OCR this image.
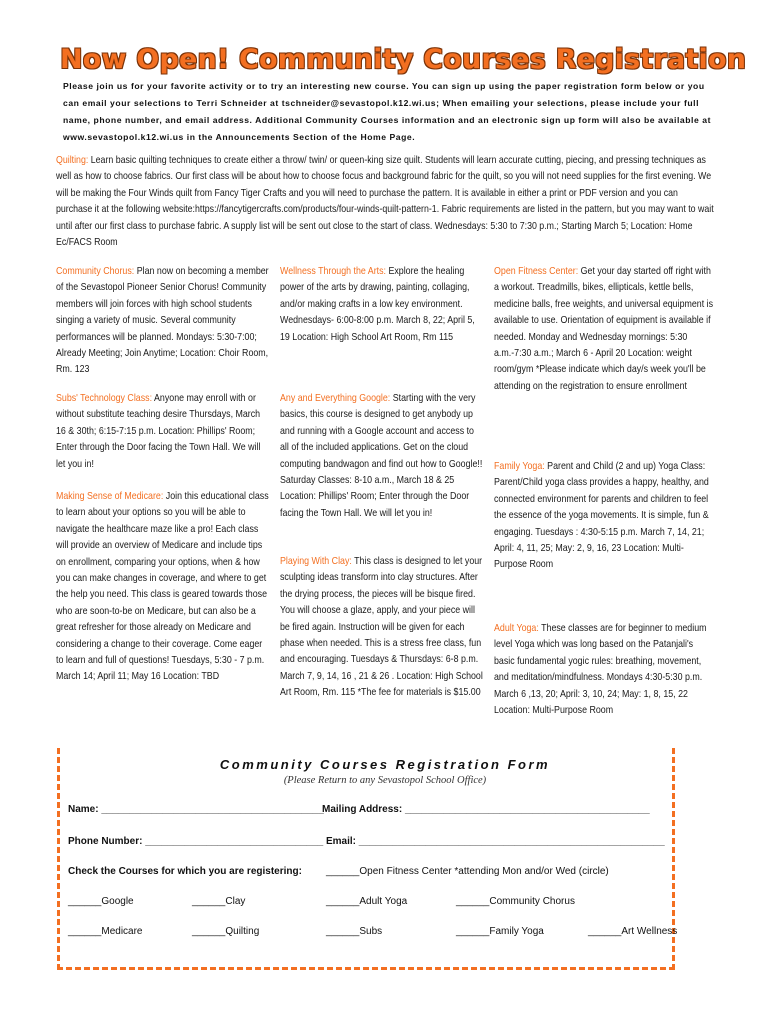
Now Open! Community Courses Registration
Please join us for your favorite activity or to try an interesting new course. You can sign up using the paper registration form below or you can email your selections to Terri Schneider at tschneider@sevastopol.k12.wi.us; When emailing your selections, please include your full name, phone number, and email address. Additional Community Courses information and an electronic sign up form will also be available at www.sevastopol.k12.wi.us in the Announcements Section of the Home Page.
Quilting: Learn basic quilting techniques to create either a throw/ twin/ or queen-king size quilt. Students will learn accurate cutting, piecing, and pressing techniques as well as how to choose fabrics. Our first class will be about how to choose focus and background fabric for the quilt, so you will not need supplies for the first evening. We will be making the Four Winds quilt from Fancy Tiger Crafts and you will need to purchase the pattern. It is available in either a print or PDF version and you can purchase it at the following website:https://fancytigercrafts.com/products/four-winds-quilt-pattern-1. Fabric requirements are listed in the pattern, but you may want to wait until after our first class to purchase fabric. A supply list will be sent out close to the start of class. Wednesdays: 5:30 to 7:30 p.m.; Starting March 5; Location: Home Ec/FACS Room
Community Chorus: Plan now on becoming a member of the Sevastopol Pioneer Senior Chorus! Community members will join forces with high school students singing a variety of music. Several community performances will be planned. Mondays: 5:30-7:00; Already Meeting; Join Anytime; Location: Choir Room, Rm. 123
Subs' Technology Class: Anyone may enroll with or without substitute teaching desire Thursdays, March 16 & 30th; 6:15-7:15 p.m. Location: Phillips' Room; Enter through the Door facing the Town Hall. We will let you in!
Making Sense of Medicare: Join this educational class to learn about your options so you will be able to navigate the healthcare maze like a pro! Each class will provide an overview of Medicare and include tips on enrollment, comparing your options, when & how you can make changes in coverage, and where to get the help you need. This class is geared towards those who are soon-to-be on Medicare, but can also be a great refresher for those already on Medicare and considering a change to their coverage. Come eager to learn and full of questions! Tuesdays, 5:30 - 7 p.m. March 14; April 11; May 16 Location: TBD
Wellness Through the Arts: Explore the healing power of the arts by drawing, painting, collaging, and/or making crafts in a low key environment. Wednesdays- 6:00-8:00 p.m. March 8, 22; April 5, 19 Location: High School Art Room, Rm 115
Any and Everything Google: Starting with the very basics, this course is designed to get anybody up and running with a Google account and access to all of the included applications. Get on the cloud computing bandwagon and find out how to Google!! Saturday Classes: 8-10 a.m., March 18 & 25 Location: Phillips' Room; Enter through the Door facing the Town Hall. We will let you in!
Playing With Clay: This class is designed to let your sculpting ideas transform into clay structures. After the drying process, the pieces will be bisque fired. You will choose a glaze, apply, and your piece will be fired again. Instruction will be given for each phase when needed. This is a stress free class, fun and encouraging. Tuesdays & Thursdays: 6-8 p.m. March 7, 9, 14, 16 , 21 & 26 . Location: High School Art Room, Rm. 115 *The fee for materials is $15.00
Open Fitness Center: Get your day started off right with a workout. Treadmills, bikes, ellipticals, kettle bells, medicine balls, free weights, and universal equipment is available to use. Orientation of equipment is available if needed. Monday and Wednesday mornings: 5:30 a.m.-7:30 a.m.; March 6 - April 20 Location: weight room/gym *Please indicate which day/s week you'll be attending on the registration to ensure enrollment
Family Yoga: Parent and Child (2 and up) Yoga Class: Parent/Child yoga class provides a happy, healthy, and connected environment for parents and children to feel the essence of the yoga movements. It is simple, fun & engaging. Tuesdays : 4:30-5:15 p.m. March 7, 14, 21; April: 4, 11, 25; May: 2, 9, 16, 23 Location: Multi-Purpose Room
Adult Yoga: These classes are for beginner to medium level Yoga which was long based on the Patanjali's basic fundamental yogic rules: breathing, movement, and meditation/mindfulness. Mondays 4:30-5:30 p.m. March 6 ,13, 20; April: 3, 10, 24; May: 1, 8, 15, 22 Location: Multi-Purpose Room
Community Courses Registration Form
(Please Return to any Sevastopol School Office)
Name: ________________________________________
Mailing Address: ____________________________________________
Phone Number: ________________________________ Email: _______________________________________________________
Check the Courses for which you are registering: ______Open Fitness Center *attending Mon and/or Wed (circle)
______Google	______Clay	______Adult Yoga	______Community Chorus
______Medicare	______Quilting	______Subs	______Family Yoga	______Art Wellness
